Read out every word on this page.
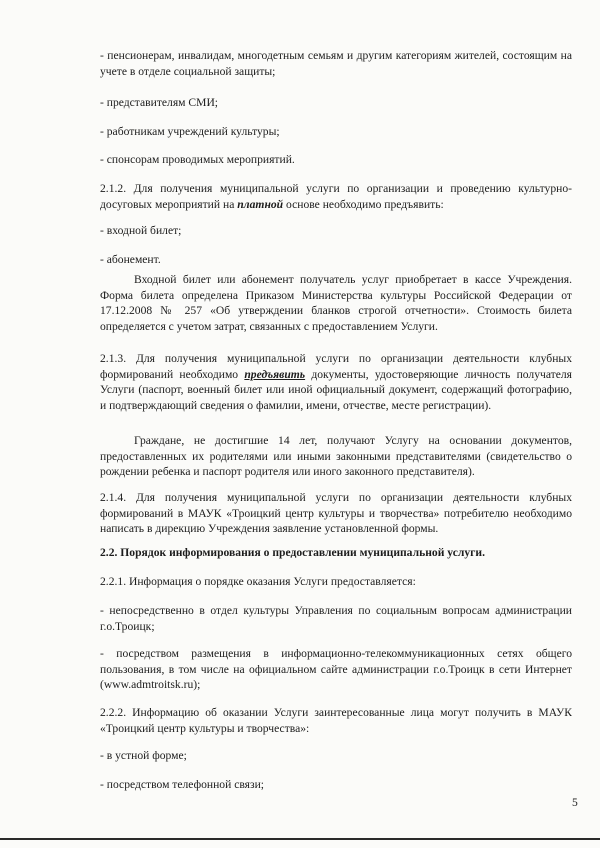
- пенсионерам, инвалидам, многодетным семьям и другим категориям жителей, состоящим на учете в отделе социальной защиты;

- представителям СМИ;

- работникам учреждений культуры;

- спонсорам проводимых мероприятий.

2.1.2. Для получения муниципальной услуги по организации и проведению культурно-досуговых мероприятий на платной основе необходимо предъявить:

- входной билет;

- абонемент.

Входной билет или абонемент получатель услуг приобретает в кассе Учреждения. Форма билета определена Приказом Министерства культуры Российской Федерации от 17.12.2008 № 257 «Об утверждении бланков строгой отчетности». Стоимость билета определяется с учетом затрат, связанных с предоставлением Услуги.

2.1.3. Для получения муниципальной услуги по организации деятельности клубных формирований необходимо предъявить документы, удостоверяющие личность получателя Услуги (паспорт, военный билет или иной официальный документ, содержащий фотографию, и подтверждающий сведения о фамилии, имени, отчестве, месте регистрации).

Граждане, не достигшие 14 лет, получают Услугу на основании документов, предоставленных их родителями или иными законными представителями (свидетельство о рождении ребенка и паспорт родителя или иного законного представителя).

2.1.4. Для получения муниципальной услуги по организации деятельности клубных формирований в МАУК «Троицкий центр культуры и творчества» потребителю необходимо написать в дирекцию Учреждения заявление установленной формы.

2.2. Порядок информирования о предоставлении муниципальной услуги.

2.2.1. Информация о порядке оказания Услуги предоставляется:

- непосредственно в отдел культуры Управления по социальным вопросам администрации г.о.Троицк;

- посредством размещения в информационно-телекоммуникационных сетях общего пользования, в том числе на официальном сайте администрации г.о.Троицк в сети Интернет (www.admtroitsk.ru);

2.2.2. Информацию об оказании Услуги заинтересованные лица могут получить в МАУК «Троицкий центр культуры и творчества»:

- в устной форме;

- посредством телефонной связи;

5
